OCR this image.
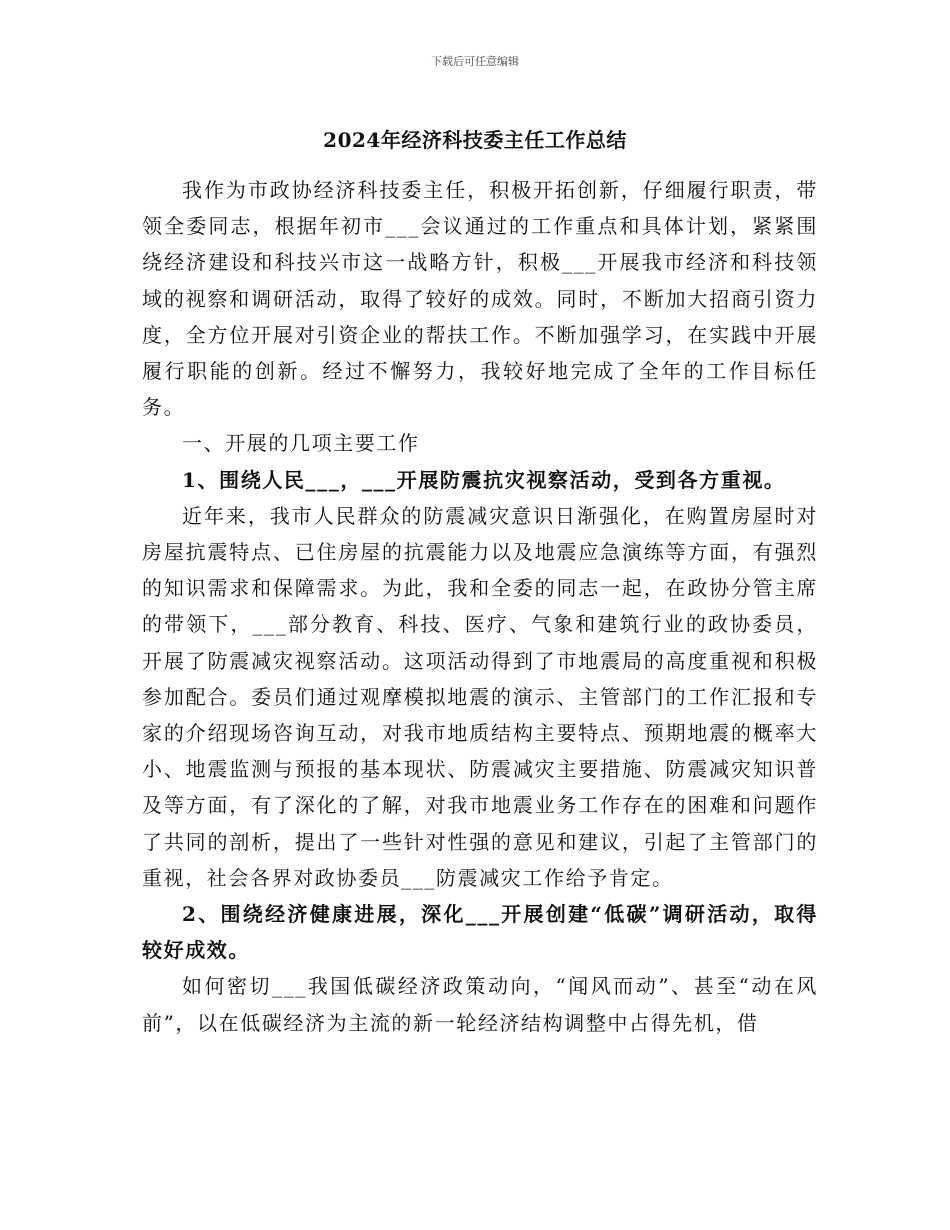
下载后可任意编辑
2024年经济科技委主任工作总结

我作为市政协经济科技委主任，积极开拓创新，仔细履行职责，带领全委同志，根据年初市___会议通过的工作重点和具体计划，紧紧围绕经济建设和科技兴市这一战略方针，积极___开展我市经济和科技领域的视察和调研活动，取得了较好的成效。同时，不断加大招商引资力度，全方位开展对引资企业的帮扶工作。不断加强学习，在实践中开展履行职能的创新。经过不懈努力，我较好地完成了全年的工作目标任务。

一、开展的几项主要工作

1、围绕人民___，___开展防震抗灾视察活动，受到各方重视。

近年来，我市人民群众的防震减灾意识日渐强化，在购置房屋时对房屋抗震特点、已住房屋的抗震能力以及地震应急演练等方面，有强烈的知识需求和保障需求。为此，我和全委的同志一起，在政协分管主席的带领下，___部分教育、科技、医疗、气象和建筑行业的政协委员，开展了防震减灾视察活动。这项活动得到了市地震局的高度重视和积极参加配合。委员们通过观摩模拟地震的演示、主管部门的工作汇报和专家的介绍现场咨询互动，对我市地质结构主要特点、预期地震的概率大小、地震监测与预报的基本现状、防震减灾主要措施、防震减灾知识普及等方面，有了深化的了解，对我市地震业务工作存在的困难和问题作了共同的剖析，提出了一些针对性强的意见和建议，引起了主管部门的重视，社会各界对政协委员___防震减灾工作给予肯定。

2、围绕经济健康进展，深化___开展创建“低碳”调研活动，取得较好成效。

如何密切___我国低碳经济政策动向，“闻风而动”、甚至“动在风前”，以在低碳经济为主流的新一轮经济结构调整中占得先机，借
